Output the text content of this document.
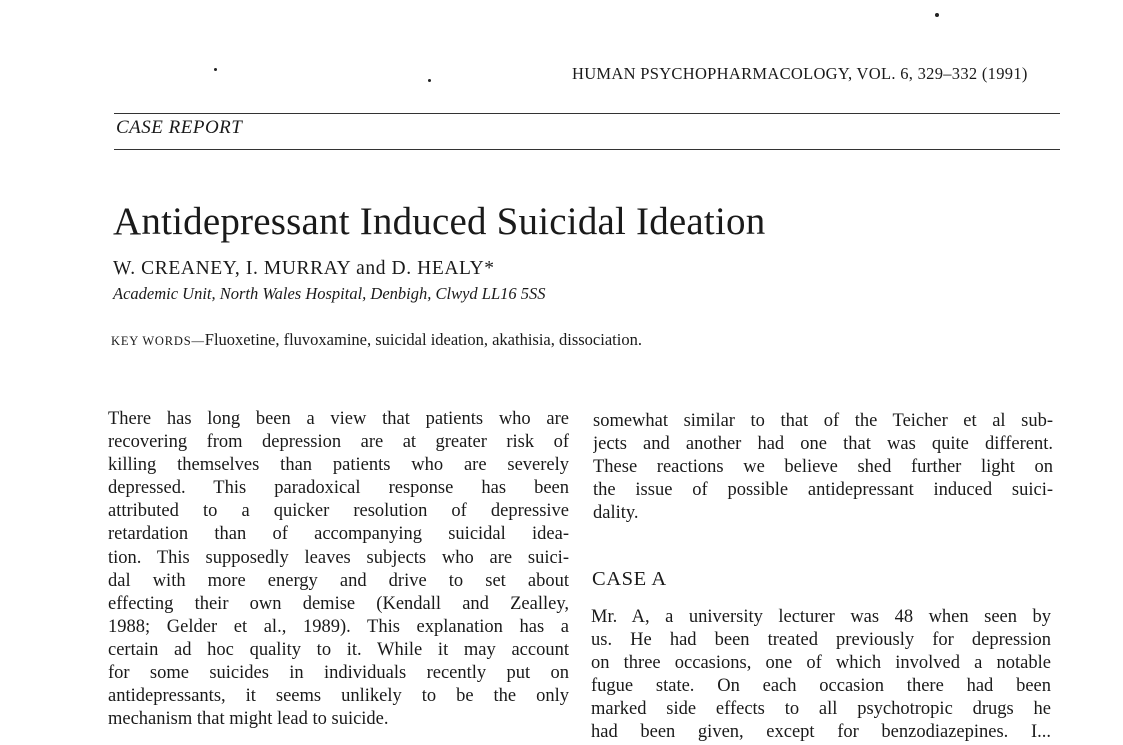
HUMAN PSYCHOPHARMACOLOGY, VOL. 6, 329–332 (1991)
CASE REPORT
Antidepressant Induced Suicidal Ideation
W. CREANEY, I. MURRAY and D. HEALY*
Academic Unit, North Wales Hospital, Denbigh, Clwyd LL16 5SS
KEY WORDS—Fluoxetine, fluvoxamine, suicidal ideation, akathisia, dissociation.
There has long been a view that patients who are
recovering from depression are at greater risk of
killing themselves than patients who are severely
depressed. This paradoxical response has been
attributed to a quicker resolution of depressive
retardation than of accompanying suicidal idea-
tion. This supposedly leaves subjects who are suici-
dal with more energy and drive to set about
effecting their own demise (Kendall and Zealley,
1988; Gelder et al., 1989). This explanation has a
certain ad hoc quality to it. While it may account
for some suicides in individuals recently put on
antidepressants, it seems unlikely to be the only
mechanism that might lead to suicide.
somewhat similar to that of the Teicher et al sub-
jects and another had one that was quite different.
These reactions we believe shed further light on
the issue of possible antidepressant induced suici-
dality.
CASE A
Mr. A, a university lecturer was 48 when seen by
us. He had been treated previously for depression
on three occasions, one of which involved a notable
fugue state. On each occasion there had been
marked side effects to all psychotropic drugs he
had been given, except for benzodiazepines. I...
